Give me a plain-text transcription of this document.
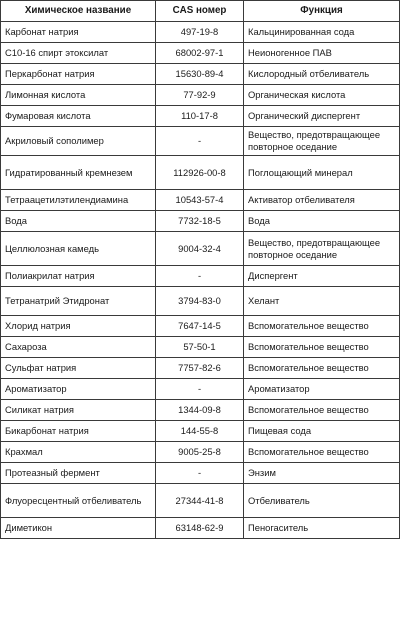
Химическое название	CAS номер	Функция
Карбонат натрия	497-19-8	Кальцинированная сода
С10-16 спирт этоксилат	68002-97-1	Неионогенное ПАВ
Перкарбонат натрия	15630-89-4	Кислородный отбеливатель
Лимонная кислота	77-92-9	Органическая кислота
Фумаровая кислота	110-17-8	Органический диспергент
Акриловый сополимер	-	Вещество, предотвращающее повторное оседание
Гидратированный кремнезем	112926-00-8	Поглощающий минерал
Тетраацетилэтилендиамина	10543-57-4	Активатор отбеливателя
Вода	7732-18-5	Вода
Целлюлозная камедь	9004-32-4	Вещество, предотвращающее повторное оседание
Полиакрилат натрия	-	Диспергент
Тетранатрий Этидронат	3794-83-0	Хелант
Хлорид натрия	7647-14-5	Вспомогательное вещество
Сахароза	57-50-1	Вспомогательное вещество
Сульфат натрия	7757-82-6	Вспомогательное вещество
Ароматизатор	-	Ароматизатор
Силикат натрия	1344-09-8	Вспомогательное вещество
Бикарбонат натрия	144-55-8	Пищевая сода
Крахмал	9005-25-8	Вспомогательное вещество
Протеазный фермент	-	Энзим
Флуоресцентный отбеливатель	27344-41-8	Отбеливатель
Диметикон	63148-62-9	Пеногаситель
